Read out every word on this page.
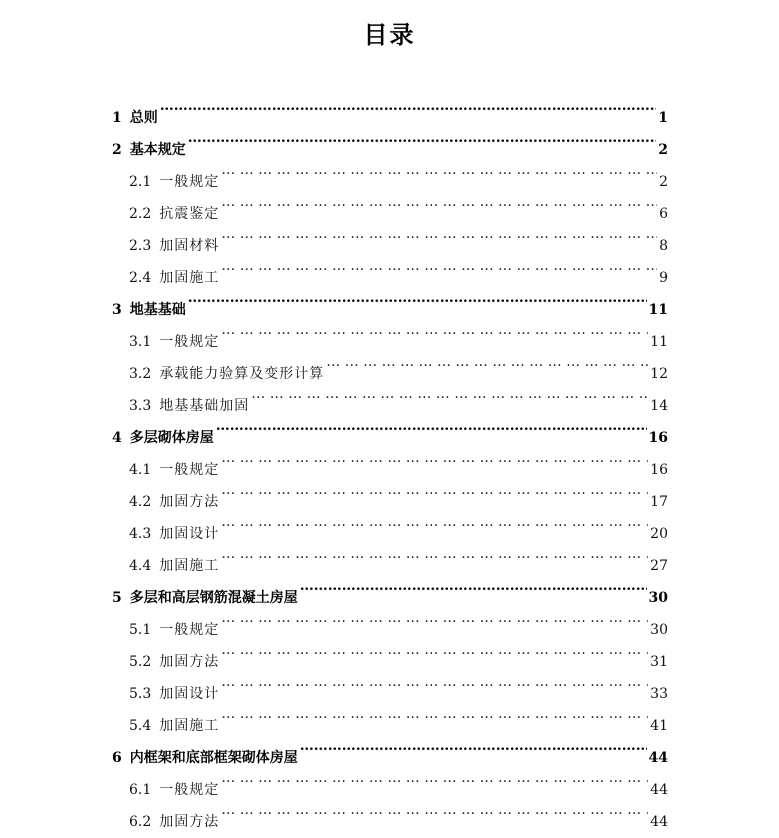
目录
1 总则 …………………………………………………………………………………………………………………………………………………………	1
2 基本规定 …………………………………………………………………………………………………………………………………………………………	2
2.1 一般规定 … … … … … … … … … … … … … … … … … … … … … … … … … … … … … … … … … … … … … … … … … … … … … … … … … … … …	2
2.2 抗震鉴定 … … … … … … … … … … … … … … … … … … … … … … … … … … … … … … … … … … … … … … … … … … … … … … … … … … … …	6
2.3 加固材料 … … … … … … … … … … … … … … … … … … … … … … … … … … … … … … … … … … … … … … … … … … … … … … … … … … … …	8
2.4 加固施工 … … … … … … … … … … … … … … … … … … … … … … … … … … … … … … … … … … … … … … … … … … … … … … … … … … … …	9
3 地基基础 …………………………………………………………………………………………………………………………………………………………	11
3.1 一般规定 … … … … … … … … … … … … … … … … … … … … … … … … … … … … … … … … … … … … … … … … … … … … … … … … … … … …	11
3.2 承载能力验算及变形计算 … … … … … … … … … … … … … … … … … … … … … … … … … … … … … … … … … … … … … … … … … … … … … … … … … … … …	12
3.3 地基基础加固 … … … … … … … … … … … … … … … … … … … … … … … … … … … … … … … … … … … … … … … … … … … … … … … … … … … …	14
4 多层砌体房屋 …………………………………………………………………………………………………………………………………………………………	16
4.1 一般规定 … … … … … … … … … … … … … … … … … … … … … … … … … … … … … … … … … … … … … … … … … … … … … … … … … … … …	16
4.2 加固方法 … … … … … … … … … … … … … … … … … … … … … … … … … … … … … … … … … … … … … … … … … … … … … … … … … … … …	17
4.3 加固设计 … … … … … … … … … … … … … … … … … … … … … … … … … … … … … … … … … … … … … … … … … … … … … … … … … … … …	20
4.4 加固施工 … … … … … … … … … … … … … … … … … … … … … … … … … … … … … … … … … … … … … … … … … … … … … … … … … … … …	27
5 多层和高层钢筋混凝土房屋 …………………………………………………………………………………………………………………………………………………………	30
5.1 一般规定 … … … … … … … … … … … … … … … … … … … … … … … … … … … … … … … … … … … … … … … … … … … … … … … … … … … …	30
5.2 加固方法 … … … … … … … … … … … … … … … … … … … … … … … … … … … … … … … … … … … … … … … … … … … … … … … … … … … …	31
5.3 加固设计 … … … … … … … … … … … … … … … … … … … … … … … … … … … … … … … … … … … … … … … … … … … … … … … … … … … …	33
5.4 加固施工 … … … … … … … … … … … … … … … … … … … … … … … … … … … … … … … … … … … … … … … … … … … … … … … … … … … …	41
6 内框架和底部框架砌体房屋 …………………………………………………………………………………………………………………………………………………………	44
6.1 一般规定 … … … … … … … … … … … … … … … … … … … … … … … … … … … … … … … … … … … … … … … … … … … … … … … … … … … …	44
6.2 加固方法 … … … … … … … … … … … … … … … … … … … … … … … … … … … … … … … … … … … … … … … … … … … … … … … … … … … …	44
